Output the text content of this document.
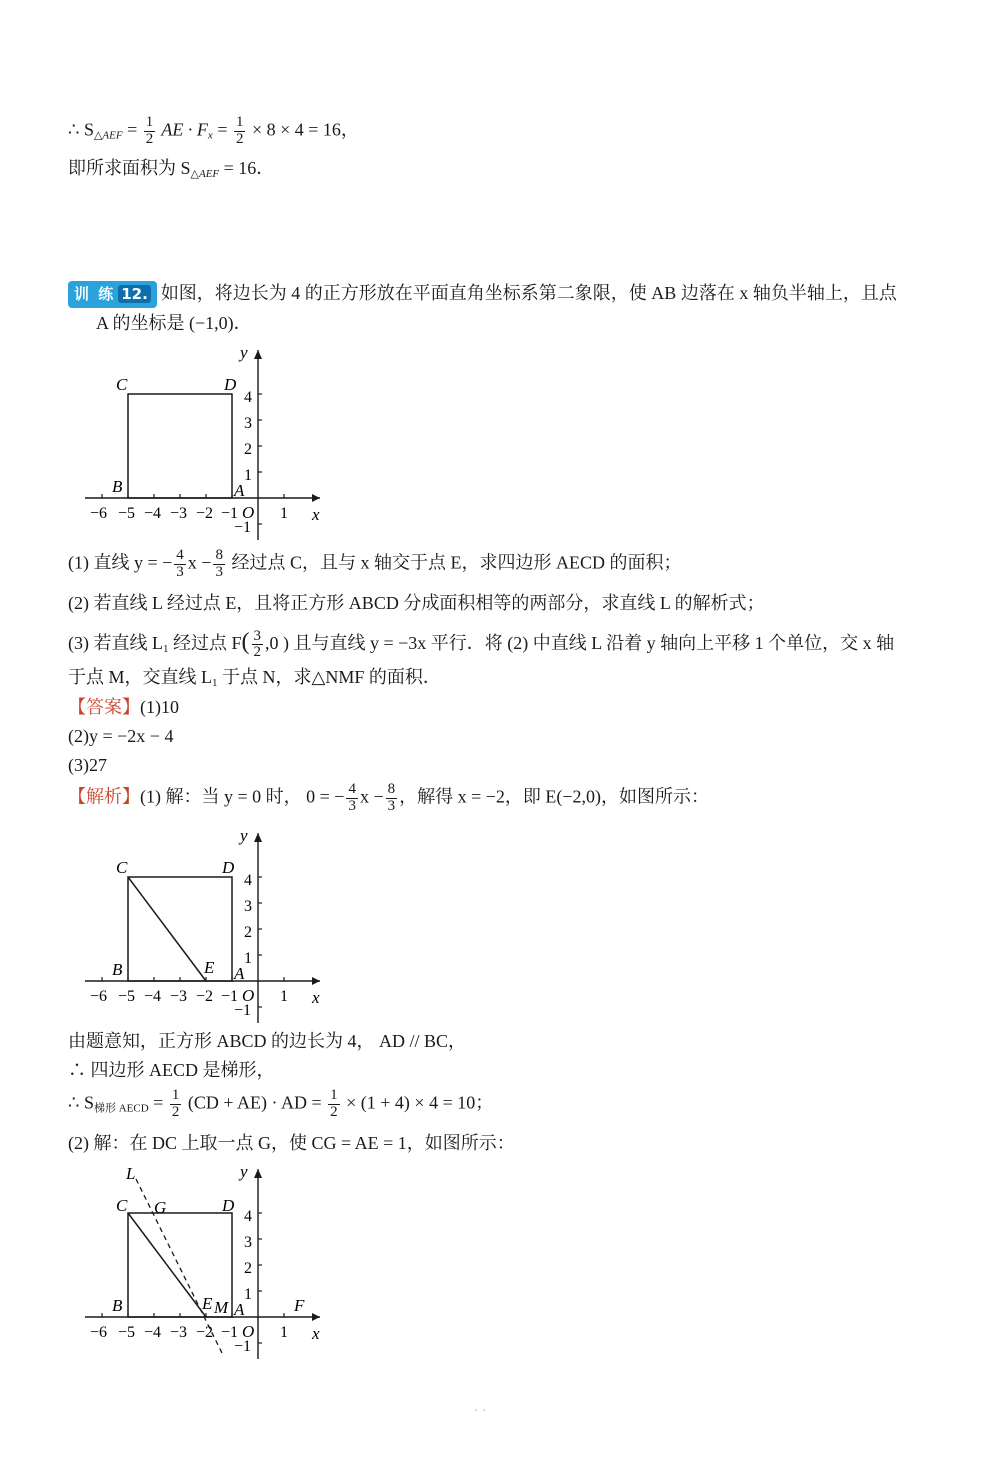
∴ $S_{\triangle AEF} = \frac{1}{2}$ AE · $F_x = \frac{1}{2} \times 8 \times 4 = 16$，
即所求面积为 $S_{\triangle AEF} = 16$．
训 练 12. 如图，将边长为 4 的正方形放在平面直角坐标系第二象限，使 AB 边落在 x 轴负半轴上，且点
A 的坐标是 (−1,0)．
−6 −5 −4 −3 −2 −1	1
4
3
2
1
−1
O	x
y
C	D
B	A
(1) 直线 y = − $\frac{4}{3}$ $x - \frac{8}{3}$ 经过点 C，且与 x 轴交于点 E，求四边形 AECD 的面积；
(2) 若直线 L 经过点 E，且将正方形 ABCD 分成面积相等的两部分，求直线 L 的解析式；
(3) 若直线 $L_1$ 经过点 $F( \frac{3}{2} ,0$ ) 且与直线 y = −3x 平行．将 (2) 中直线 L 沿着 y 轴向上平移 1 个单位，交 x 轴
于点 M，交直线 $L_1$ 于点 N，求△NMF 的面积．
【答案】(1)10
(2)y = −2x − 4
(3)27
【解析】(1) 解：当 y = 0 时， 0 = − $\frac{4}{3}$ $x - \frac{8}{3}$ ，解得 x = −2，即 E(−2,0)，如图所示：
−6 −5 −4 −3 −2 −1	1
4
3
2
1
−1
O	x
y
C	D
B	E A
由题意知，正方形 ABCD 的边长为 4， AD // BC，
∴ 四边形 AECD 是梯形，
∴ $S_{梯形 AECD} = \frac{1}{2} (CD + AE)$ · AD = $\frac{1}{2} \times (1 + 4) \times 4 = 10$；
(2) 解：在 DC 上取一点 G，使 CG = AE = 1，如图所示：
−6 −5 −4 −3 −2 −1	1
4
3
2
1
−1
O	x
y
L
C G	D
B	E M A	F
· ·
